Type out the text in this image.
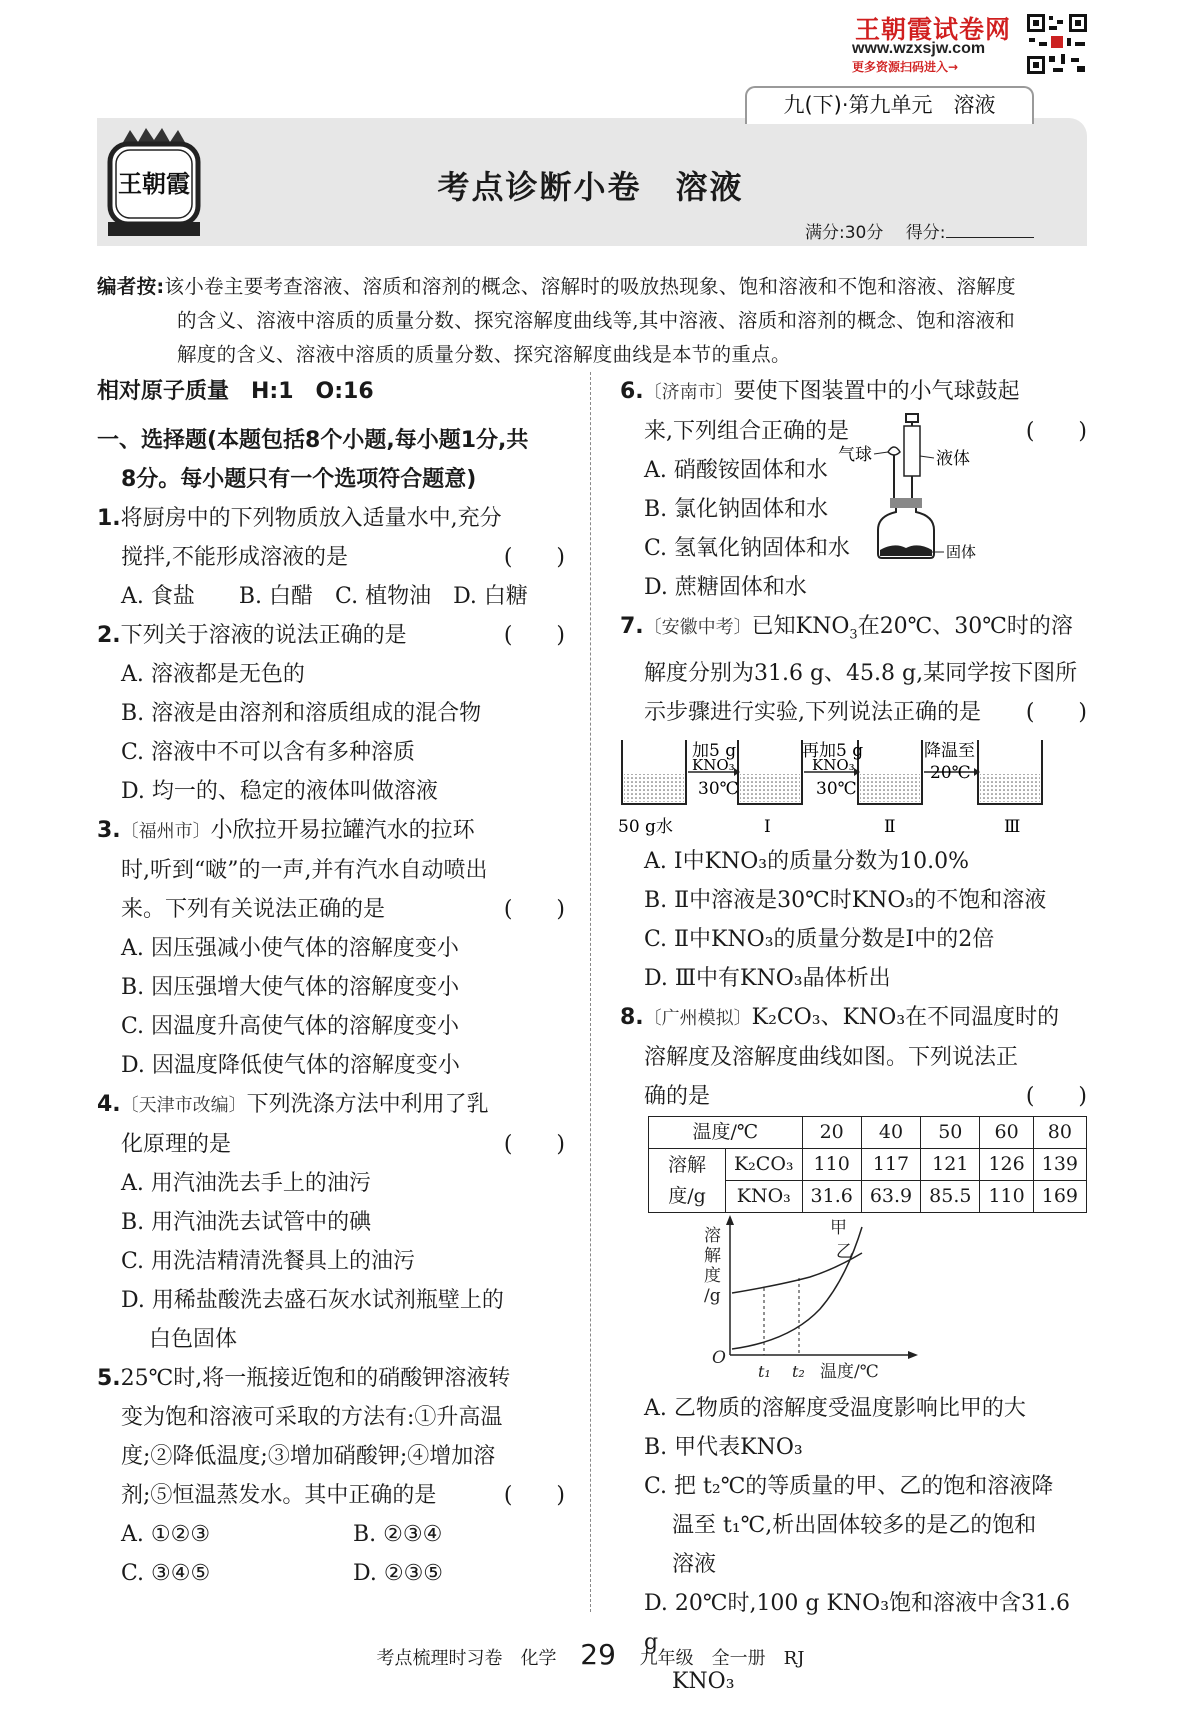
王朝霞试卷网
www.wzxsjw.com
更多资源扫码进入→
九(下)·第九单元　溶液
王朝霞	考点诊断小卷　溶液
满分:30分　 得分:
编者按:该小卷主要考查溶液、溶质和溶剂的概念、溶解时的吸放热现象、饱和溶液和不饱和溶液、溶解度
的含义、溶液中溶质的质量分数、探究溶解度曲线等,其中溶液、溶质和溶剂的概念、饱和溶液和
解度的含义、溶液中溶质的质量分数、探究溶解度曲线是本节的重点。
相对原子质量　H:1　O:16
一、选择题(本题包括8个小题,每小题1分,共
8分。每小题只有一个选项符合题意)
1.将厨房中的下列物质放入适量水中,充分
搅拌,不能形成溶液的是	(　　)
A. 食盐　　B. 白醋　C. 植物油　D. 白糖
2.下列关于溶液的说法正确的是	(　　)
A. 溶液都是无色的
B. 溶液是由溶剂和溶质组成的混合物
C. 溶液中不可以含有多种溶质
D. 均一的、稳定的液体叫做溶液
3.〔福州市〕小欣拉开易拉罐汽水的拉环
时,听到“啵”的一声,并有汽水自动喷出
来。下列有关说法正确的是	(　　)
A. 因压强减小使气体的溶解度变小
B. 因压强增大使气体的溶解度变小
C. 因温度升高使气体的溶解度变小
D. 因温度降低使气体的溶解度变小
4.〔天津市改编〕下列洗涤方法中利用了乳
化原理的是	(　　)
A. 用汽油洗去手上的油污
B. 用汽油洗去试管中的碘
C. 用洗洁精清洗餐具上的油污
D. 用稀盐酸洗去盛石灰水试剂瓶壁上的
白色固体
5.25℃时,将一瓶接近饱和的硝酸钾溶液转
变为饱和溶液可采取的方法有:①升高温
度;②降低温度;③增加硝酸钾;④增加溶
剂;⑤恒温蒸发水。其中正确的是	(　　)
A. ①②③	B. ②③④
C. ③④⑤	D. ②③⑤
6.〔济南市〕要使下图装置中的小气球鼓起
来,下列组合正确的是	(　　)
A. 硝酸铵固体和水
B. 氯化钠固体和水
C. 氢氧化钠固体和水
D. 蔗糖固体和水
气球	液体
固体
7.〔安徽中考〕已知$KNO_3$在20℃、30℃时的溶
解度分别为31.6 g、45.8 g,某同学按下图所
示步骤进行实验,下列说法正确的是 (　　)
加5 g
KNO₃
30℃
再加5 g
KNO₃
30℃
降温至
20℃
50 g水	Ⅰ	Ⅱ	Ⅲ
A. Ⅰ中KNO₃的质量分数为10.0%
B. Ⅱ中溶液是30℃时KNO₃的不饱和溶液
C. Ⅱ中KNO₃的质量分数是Ⅰ中的2倍
D. Ⅲ中有KNO₃晶体析出
8.〔广州模拟〕K₂CO₃、KNO₃在不同温度时的
溶解度及溶解度曲线如图。下列说法正
确的是	(　　)
温度/℃		20	40	50	60	80
溶解度/g	K₂CO₃	110	117	121	126	139
	KNO₃	31.6	63.9	85.5	110	169
溶
解
度
/g
O
t₁ t₂ 温度/℃
甲
乙
A. 乙物质的溶解度受温度影响比甲的大
B. 甲代表KNO₃
C. 把 t₂℃的等质量的甲、乙的饱和溶液降
温至 t₁℃,析出固体较多的是乙的饱和
溶液
D. 20℃时,100 g KNO₃饱和溶液中含31.6 g
KNO₃
考点梳理时习卷　化学 29 九年级　全一册　RJ
